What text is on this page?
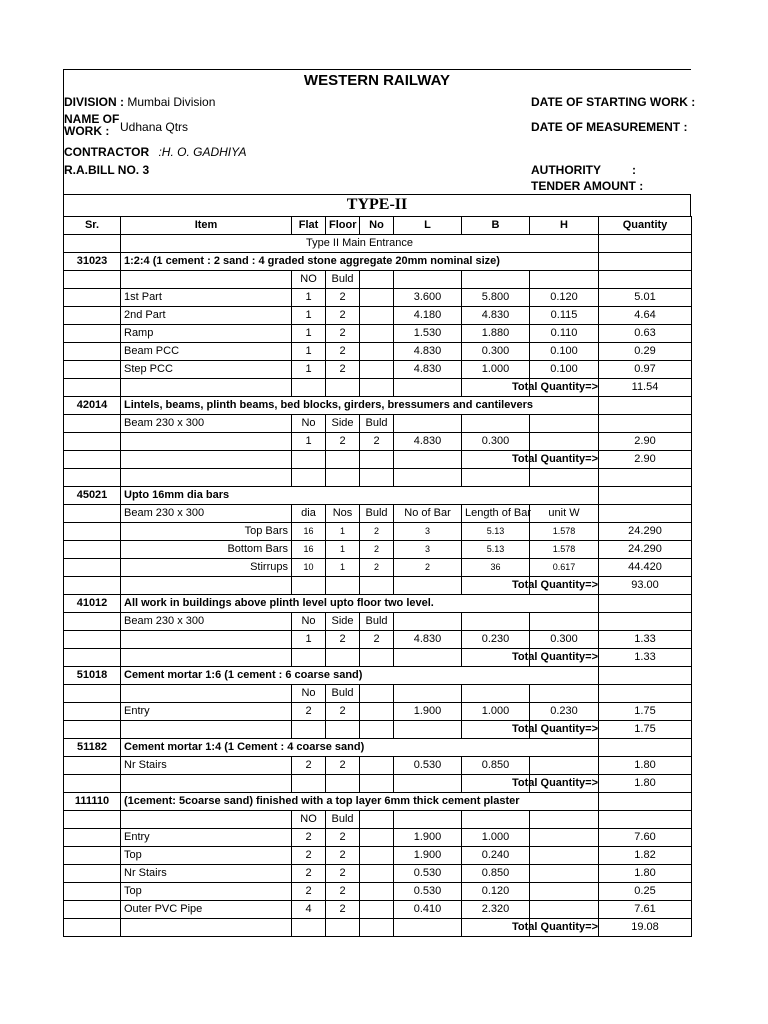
WESTERN RAILWAY
DIVISION : Mumbai Division
NAME OF
WORK : Udhana Qtrs
CONTRACTOR :H. O. GADHIYA
R.A.BILL NO. 3
DATE OF STARTING WORK :
DATE OF MEASUREMENT :
AUTHORITY	:
TENDER AMOUNT :
TYPE-II
Sr.	Item	Flat	Floor	No	L	B	H	Quantity
	Type II Main Entrance							
31023	1:2:4 (1 cement : 2 sand : 4 graded stone aggregate 20mm nominal size)							
		NO	Buld					
	1st Part	1	2		3.600	5.800	0.120	5.01
	2nd Part	1	2		4.180	4.830	0.115	4.64
	Ramp	1	2		1.530	1.880	0.110	0.63
	Beam PCC	1	2		4.830	0.300	0.100	0.29
	Step PCC	1	2		4.830	1.000	0.100	0.97
							Total Quantity=>	11.54
42014	Lintels, beams, plinth beams, bed blocks, girders, bressumers and cantilevers							
	Beam 230 x 300	No	Side	Buld				
		1	2	2	4.830	0.300		2.90
							Total Quantity=>	2.90

45021	Upto 16mm dia bars							
	Beam 230 x 300	dia	Nos	Buld	No of Bar	Length of Bar	unit W	
	Top Bars	16	1	2	3	5.13	1.578	24.290
	Bottom Bars	16	1	2	3	5.13	1.578	24.290
	Stirrups	10	1	2	2	36	0.617	44.420
							Total Quantity=>	93.00
41012	All work in buildings above plinth level upto floor two level.							
	Beam 230 x 300	No	Side	Buld				
		1	2	2	4.830	0.230	0.300	1.33
							Total Quantity=>	1.33
51018	Cement mortar 1:6 (1 cement : 6 coarse sand)							
		No	Buld					
	Entry	2	2		1.900	1.000	0.230	1.75
							Total Quantity=>	1.75
51182	Cement mortar 1:4 (1 Cement : 4 coarse sand)							
	Nr Stairs	2	2		0.530	0.850		1.80
							Total Quantity=>	1.80
111110	(1cement: 5coarse sand) finished with a top layer 6mm thick cement plaster							
		NO	Buld					
	Entry	2	2		1.900	1.000		7.60
	Top	2	2		1.900	0.240		1.82
	Nr Stairs	2	2		0.530	0.850		1.80
	Top	2	2		0.530	0.120		0.25
	Outer PVC Pipe	4	2		0.410	2.320		7.61
							Total Quantity=>	19.08
